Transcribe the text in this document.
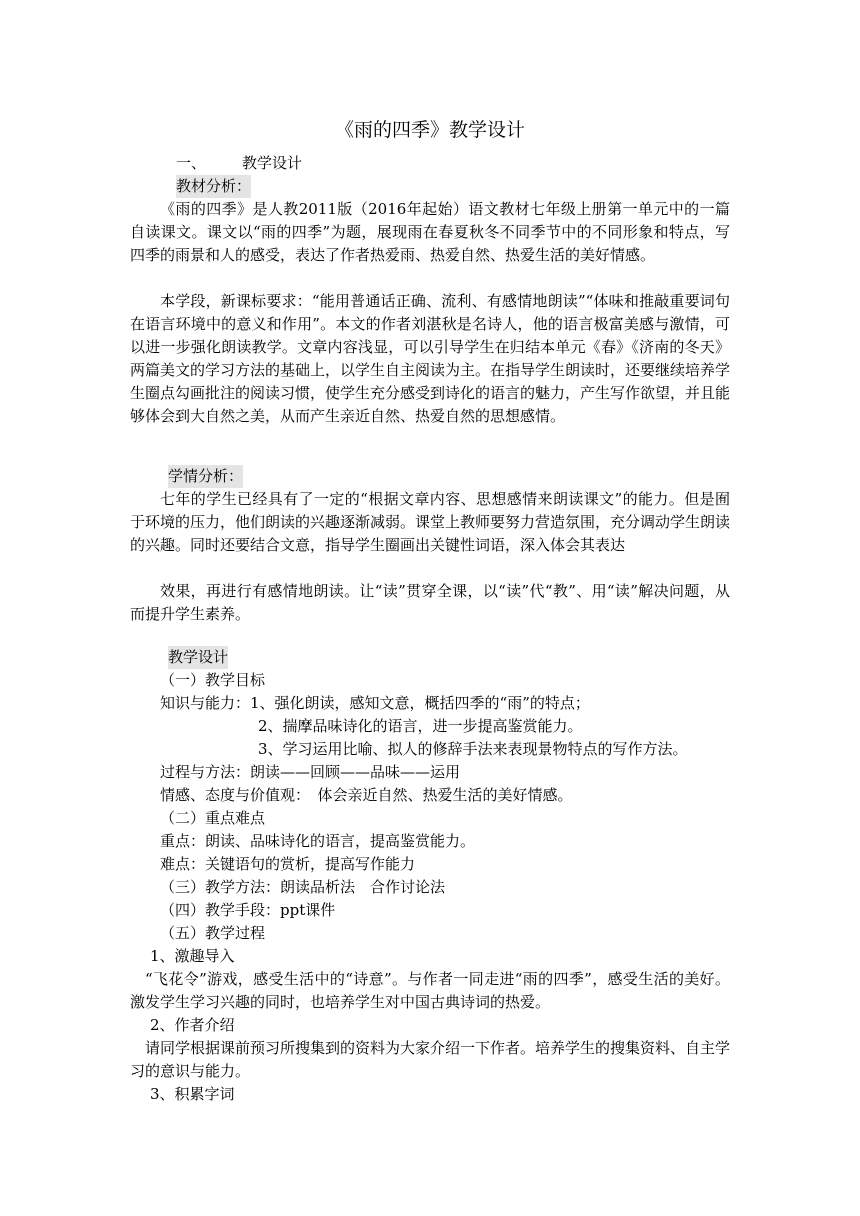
《雨的四季》教学设计
一、 教学设计
教材分析：

《雨的四季》是人教2011版（2016年起始）语文教材七年级上册第一单元中的一篇自读课文。课文以“雨的四季”为题，展现雨在春夏秋冬不同季节中的不同形象和特点，写四季的雨景和人的感受，表达了作者热爱雨、热爱自然、热爱生活的美好情感。

本学段，新课标要求：“能用普通话正确、流利、有感情地朗读”“体味和推敲重要词句在语言环境中的意义和作用”。本文的作者刘湛秋是名诗人，他的语言极富美感与激情，可以进一步强化朗读教学。文章内容浅显，可以引导学生在归结本单元《春》《济南的冬天》两篇美文的学习方法的基础上，以学生自主阅读为主。在指导学生朗读时，还要继续培养学生圈点勾画批注的阅读习惯，使学生充分感受到诗化的语言的魅力，产生写作欲望，并且能够体会到大自然之美，从而产生亲近自然、热爱自然的思想感情。

学情分析：

七年的学生已经具有了一定的“根据文章内容、思想感情来朗读课文”的能力。但是囿于环境的压力，他们朗读的兴趣逐渐减弱。课堂上教师要努力营造氛围，充分调动学生朗读的兴趣。同时还要结合文意，指导学生圈画出关键性词语，深入体会其表达

效果，再进行有感情地朗读。让“读”贯穿全课，以“读”代“教”、用“读”解决问题，从而提升学生素养。

教学设计
（一）教学目标
知识与能力：1、强化朗读，感知文意，概括四季的“雨”的特点；
2、揣摩品味诗化的语言，进一步提高鉴赏能力。
3、学习运用比喻、拟人的修辞手法来表现景物特点的写作方法。
过程与方法：朗读——回顾——品味——运用
情感、态度与价值观：　体会亲近自然、热爱生活的美好情感。
（二）重点难点
重点：朗读、品味诗化的语言，提高鉴赏能力。
难点：关键语句的赏析，提高写作能力
（三）教学方法：朗读品析法　合作讨论法
（四）教学手段：ppt课件
（五）教学过程
1、激趣导入

“飞花令”游戏，感受生活中的“诗意”。与作者一同走进“雨的四季”，感受生活的美好。激发学生学习兴趣的同时，也培养学生对中国古典诗词的热爱。

2、作者介绍

请同学根据课前预习所搜集到的资料为大家介绍一下作者。培养学生的搜集资料、自主学习的意识与能力。

3、积累字词
